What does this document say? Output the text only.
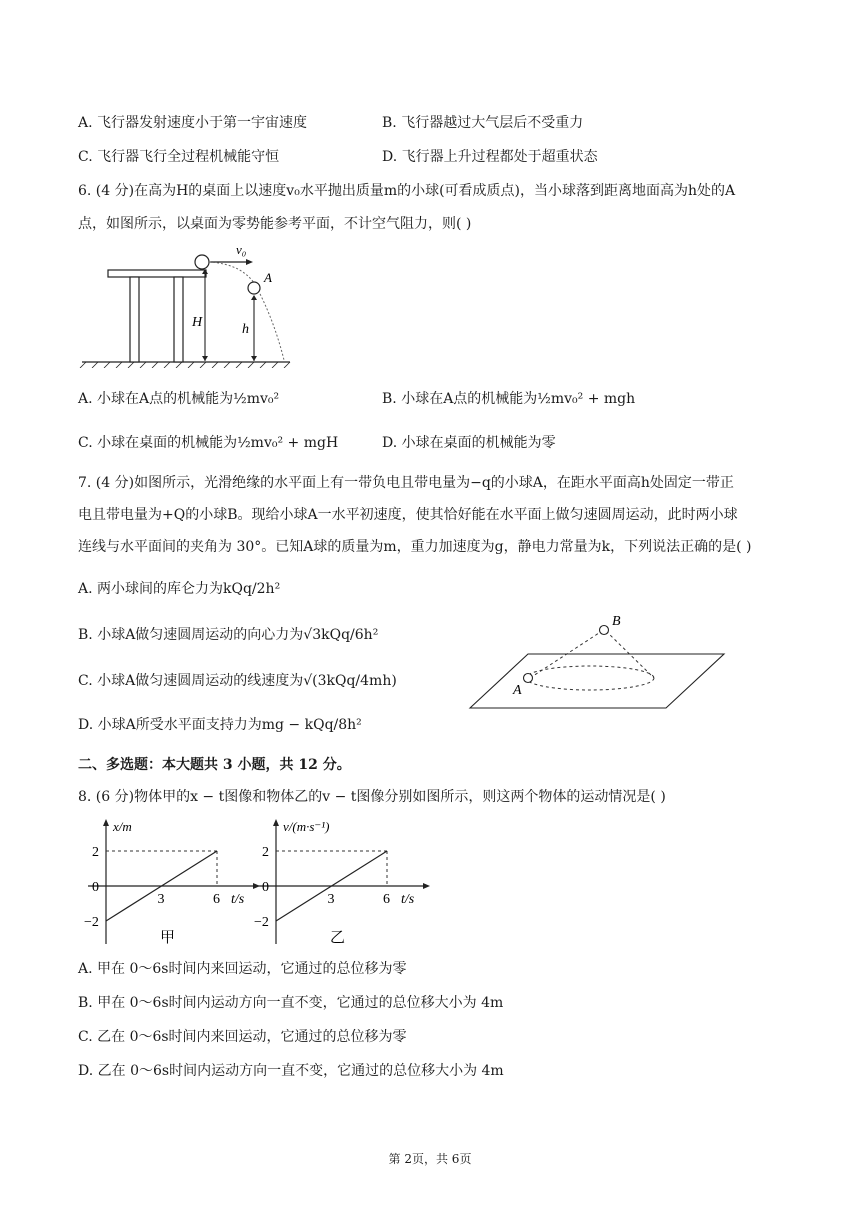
A. 飞行器发射速度小于第一宇宙速度	B. 飞行器越过大气层后不受重力
C. 飞行器飞行全过程机械能守恒	D. 飞行器上升过程都处于超重状态
6. (4 分)在高为H的桌面上以速度v₀水平抛出质量m的小球(可看成质点)，当小球落到距离地面高为h处的A
点，如图所示，以桌面为零势能参考平面，不计空气阻力，则( )
v₀
A
H	h
A. 小球在A点的机械能为½mv₀²	B. 小球在A点的机械能为½mv₀² + mgh
C. 小球在桌面的机械能为½mv₀² + mgH	D. 小球在桌面的机械能为零
7. (4 分)如图所示，光滑绝缘的水平面上有一带负电且带电量为−q的小球A，在距水平面高h处固定一带正
电且带电量为+Q的小球B。现给小球A一水平初速度，使其恰好能在水平面上做匀速圆周运动，此时两小球
连线与水平面间的夹角为 30°。已知A球的质量为m，重力加速度为g，静电力常量为k，下列说法正确的是( )
A. 两小球间的库仑力为kQq/2h²
B. 小球A做匀速圆周运动的向心力为√3kQq/6h²
C. 小球A做匀速圆周运动的线速度为√(3kQq/4mh)
D. 小球A所受水平面支持力为mg − kQq/8h²
B
A
二、多选题：本大题共 3 小题，共 12 分。
8. (6 分)物体甲的x − t图像和物体乙的v − t图像分别如图所示，则这两个物体的运动情况是( )
2
0
−2
3	6 t/s
x/m
甲
2
0
−2
3	6 t/s
v/(m·s⁻¹)
乙
A. 甲在 0～6s时间内来回运动，它通过的总位移为零
B. 甲在 0～6s时间内运动方向一直不变，它通过的总位移大小为 4m
C. 乙在 0～6s时间内来回运动，它通过的总位移为零
D. 乙在 0～6s时间内运动方向一直不变，它通过的总位移大小为 4m
第 2页，共 6页
